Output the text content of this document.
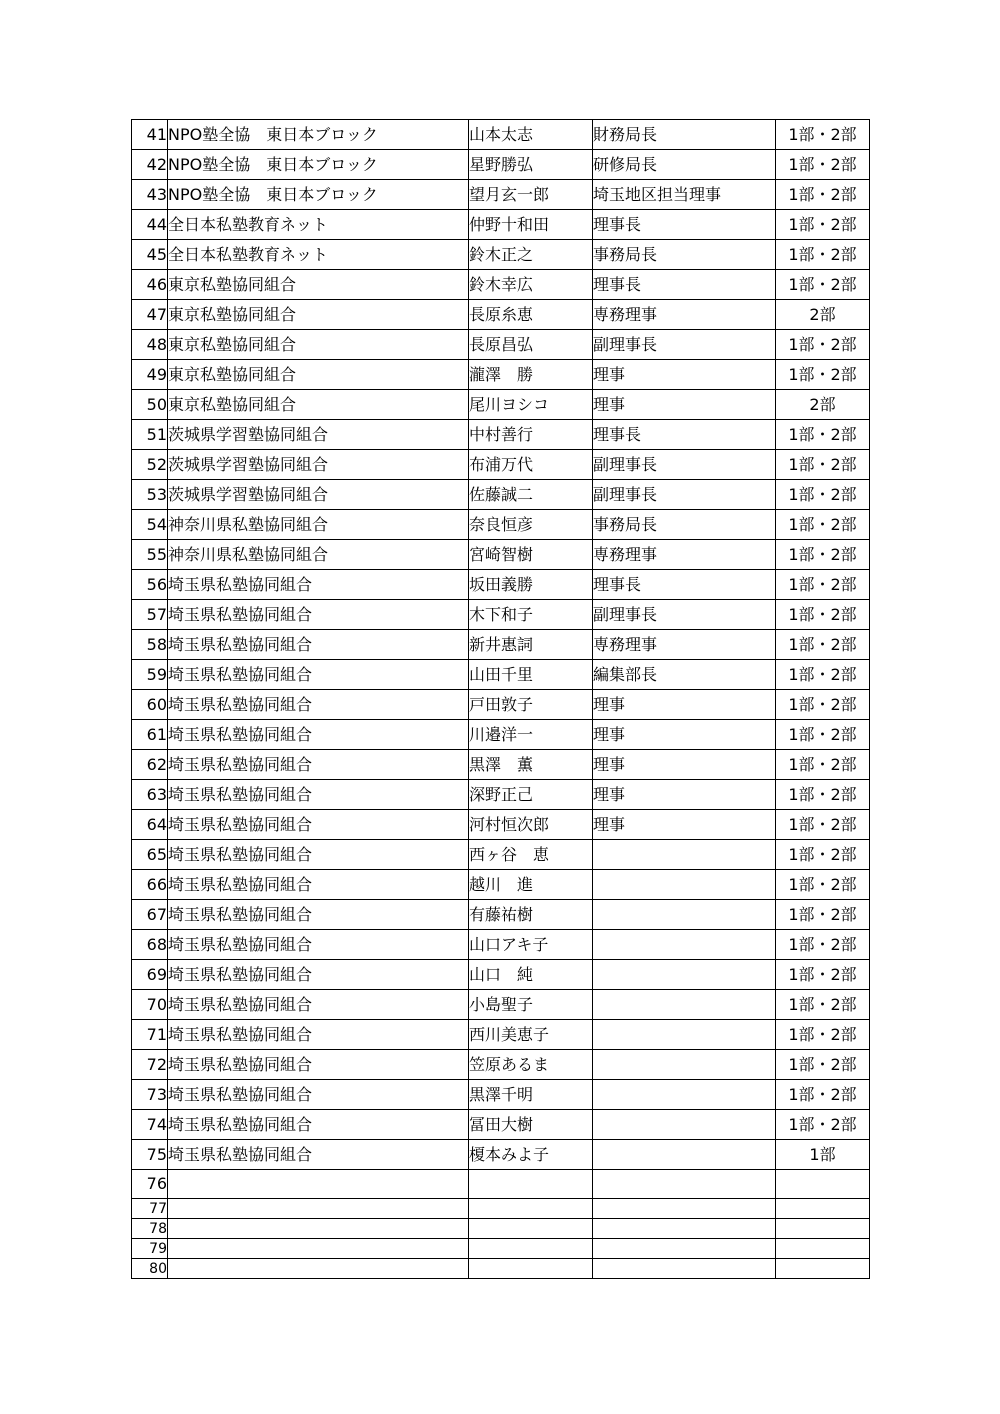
41	NPO塾全協　東日本ブロック	山本太志	財務局長	1部・2部
42	NPO塾全協　東日本ブロック	星野勝弘	研修局長	1部・2部
43	NPO塾全協　東日本ブロック	望月玄一郎	埼玉地区担当理事	1部・2部
44	全日本私塾教育ネット	仲野十和田	理事長	1部・2部
45	全日本私塾教育ネット	鈴木正之	事務局長	1部・2部
46	東京私塾協同組合	鈴木幸広	理事長	1部・2部
47	東京私塾協同組合	長原糸恵	専務理事	2部
48	東京私塾協同組合	長原昌弘	副理事長	1部・2部
49	東京私塾協同組合	瀧澤　勝	理事	1部・2部
50	東京私塾協同組合	尾川ヨシコ	理事	2部
51	茨城県学習塾協同組合	中村善行	理事長	1部・2部
52	茨城県学習塾協同組合	布浦万代	副理事長	1部・2部
53	茨城県学習塾協同組合	佐藤誠二	副理事長	1部・2部
54	神奈川県私塾協同組合	奈良恒彦	事務局長	1部・2部
55	神奈川県私塾協同組合	宮崎智樹	専務理事	1部・2部
56	埼玉県私塾協同組合	坂田義勝	理事長	1部・2部
57	埼玉県私塾協同組合	木下和子	副理事長	1部・2部
58	埼玉県私塾協同組合	新井惠詞	専務理事	1部・2部
59	埼玉県私塾協同組合	山田千里	編集部長	1部・2部
60	埼玉県私塾協同組合	戸田敦子	理事	1部・2部
61	埼玉県私塾協同組合	川邉洋一	理事	1部・2部
62	埼玉県私塾協同組合	黒澤　薫	理事	1部・2部
63	埼玉県私塾協同組合	深野正己	理事	1部・2部
64	埼玉県私塾協同組合	河村恒次郎	理事	1部・2部
65	埼玉県私塾協同組合	西ヶ谷　恵		1部・2部
66	埼玉県私塾協同組合	越川　進		1部・2部
67	埼玉県私塾協同組合	有藤祐樹		1部・2部
68	埼玉県私塾協同組合	山口アキ子		1部・2部
69	埼玉県私塾協同組合	山口　純		1部・2部
70	埼玉県私塾協同組合	小島聖子		1部・2部
71	埼玉県私塾協同組合	西川美恵子		1部・2部
72	埼玉県私塾協同組合	笠原あるま		1部・2部
73	埼玉県私塾協同組合	黒澤千明		1部・2部
74	埼玉県私塾協同組合	冨田大樹		1部・2部
75	埼玉県私塾協同組合	榎本みよ子		1部
76				
77				
78				
79				
80				
